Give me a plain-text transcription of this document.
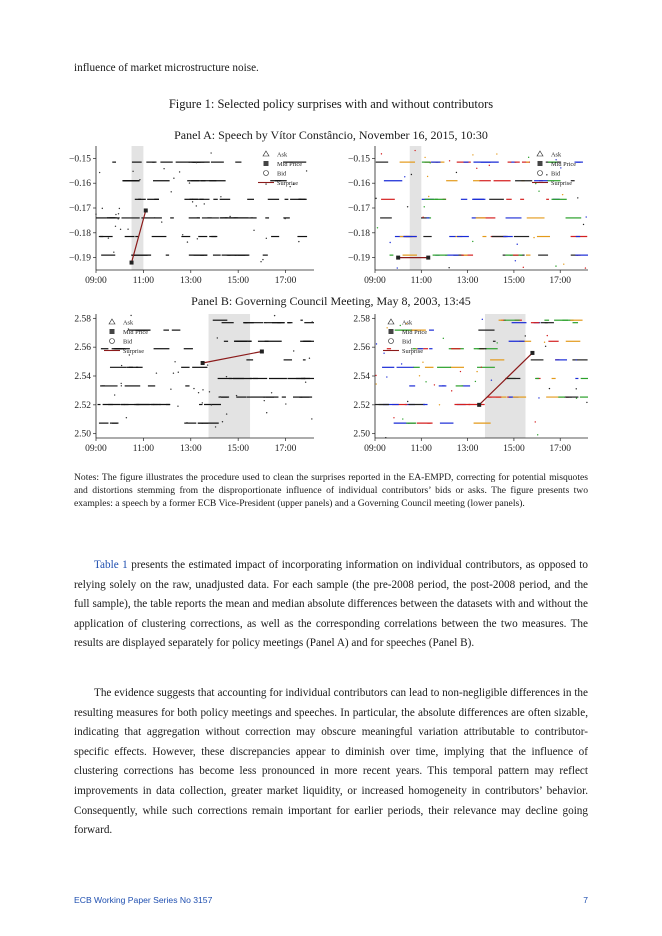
influence of market microstructure noise.
Figure 1: Selected policy surprises with and without contributors
Panel A: Speech by Vítor Constâncio, November 16, 2015, 10:30
Panel B: Governing Council Meeting, May 8, 2003, 13:45
−0.15
−0.16
−0.17
−0.18
−0.19
09:00	11:00	13:00	15:00	17:00
Ask
Mid Price
Bid
Surprise
−0.15
−0.16
−0.17
−0.18
−0.19
09:00	11:00	13:00	15:00	17:00
Ask
Mid Price
Bid
Surprise
2.58
2.56
2.54
2.52
2.50
09:00	11:00	13:00	15:00	17:00
Ask
Mid Price
Bid
Surprise
2.58
2.56
2.54
2.52
2.50
09:00	11:00	13:00	15:00	17:00
Ask
Mid Price
Bid
Surprise
Notes: The figure illustrates the procedure used to clean the surprises reported in the EA-EMPD, correcting for potential misquotes and distortions stemming from the disproportionate influence of individual contributors’ bids or asks. The figure presents two examples: a speech by a former ECB Vice-President (upper panels) and a Governing Council meeting (lower panels).

Table 1 presents the estimated impact of incorporating information on individual contributors, as opposed to relying solely on the raw, unadjusted data. For each sample (the pre-2008 period, the post-2008 period, and the full sample), the table reports the mean and median absolute differences between the datasets with and without the application of clustering corrections, as well as the corresponding correlations between the two measures. The results are displayed separately for policy meetings (Panel A) and for speeches (Panel B).

The evidence suggests that accounting for individual contributors can lead to non-negligible differences in the resulting measures for both policy meetings and speeches. In particular, the absolute differences are often sizable, indicating that aggregation without correction may obscure meaningful variation attributable to contributor-specific effects. However, these discrepancies appear to diminish over time, implying that the influence of clustering corrections has become less pronounced in more recent years. This temporal pattern may reflect improvements in data collection, greater market liquidity, or increased homogeneity in contributors’ behavior. Consequently, while such corrections remain important for earlier periods, their relevance may decline going forward.

ECB Working Paper Series No 3157	7
